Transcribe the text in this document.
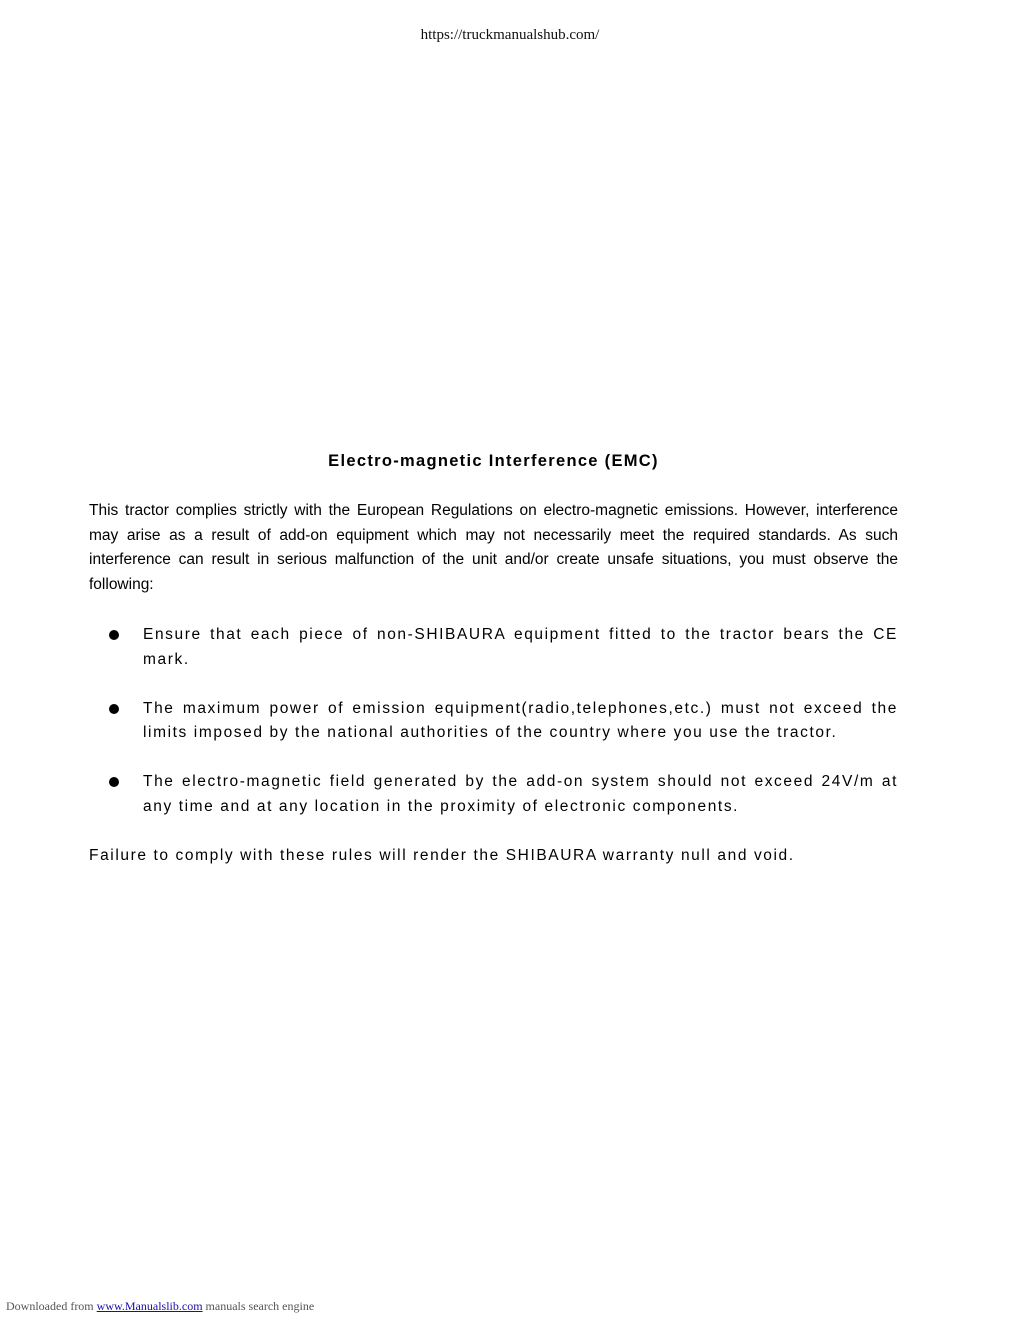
https://truckmanualshub.com/
Electro-magnetic Interference (EMC)

This tractor complies strictly with the European Regulations on electro-magnetic emissions. However, interference may arise as a result of add-on equipment which may not necessarily meet the required standards. As such interference can result in serious malfunction of the unit and/or create unsafe situations, you must observe the following:

Ensure that each piece of non-SHIBAURA equipment fitted to the tractor bears the CE mark.
The maximum power of emission equipment(radio,telephones,etc.) must not exceed the limits imposed by the national authorities of the country where you use the tractor.
The electro-magnetic field generated by the add-on system should not exceed 24V/m at any time and at any location in the proximity of electronic components.

Failure to comply with these rules will render the SHIBAURA warranty null and void.

Downloaded from www.Manualslib.com manuals search engine
